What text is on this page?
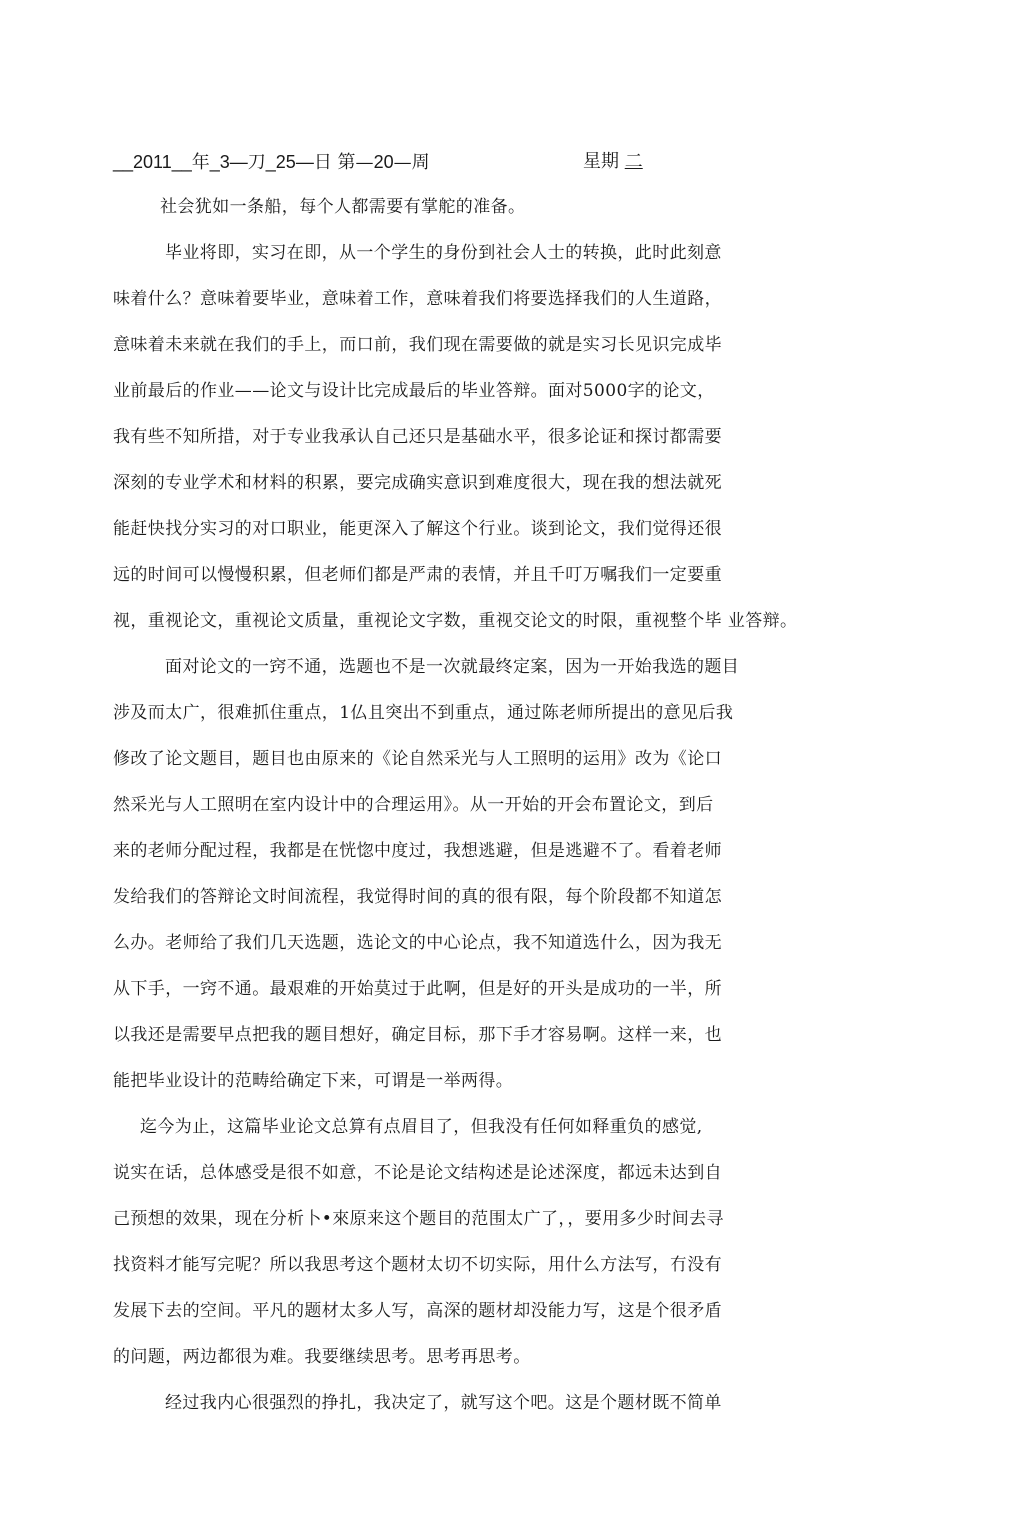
__2011__年_3—刀_25—日 第—20—周	星期 二
社会犹如一条船，每个人都需要有掌舵的准备。
毕业将即，实习在即，从一个学生的身份到社会人士的转换，此时此刻意
味着什么？意味着要毕业，意味着工作，意味着我们将要选择我们的人生道路，
意味着未来就在我们的手上，而口前，我们现在需要做的就是实习长见识完成毕
业前最后的作业——论文与设计比完成最后的毕业答辩。面对5000字的论文，
我有些不知所措，对于专业我承认自己还只是基础水平，很多论证和探讨都需要
深刻的专业学术和材料的积累，要完成确实意识到难度很大，现在我的想法就死
能赶快找分实习的对口职业，能更深入了解这个行业。谈到论文，我们觉得还很
远的时间可以慢慢积累，但老师们都是严肃的表情，并且千叮万嘱我们一定要重
视，重视论文，重视论文质量，重视论文字数，重视交论文的时限，重视整个毕 业答辩。
面对论文的一窍不通，选题也不是一次就最终定案，因为一开始我选的题目
涉及而太广，很难抓住重点，1仏且突出不到重点，通过陈老师所提出的意见后我
修改了论文题目，题目也由原来的《论自然采光与人工照明的运用》改为《论口
然采光与人工照明在室内设计中的合理运用》。从一开始的开会布置论文，到后
来的老师分配过程，我都是在恍惚中度过，我想逃避，但是逃避不了。看着老师
发给我们的答辩论文时间流程，我觉得时间的真的很有限，每个阶段都不知道怎
么办。老师给了我们几天选题，选论文的中心论点，我不知道选什么，因为我无
从下手，一窍不通。最艰难的开始莫过于此啊，但是好的开头是成功的一半，所
以我还是需要早点把我的题目想好，确定目标，那下手才容易啊。这样一来，也
能把毕业设计的范畴给确定下来，可谓是一举两得。
迄今为止，这篇毕业论文总算有点眉目了，但我没有任何如释重负的感觉,
说实在话，总体感受是很不如意，不论是论文结构述是论述深度，都远未达到自
己预想的效果，现在分析卜•來原来这个题目的范围太广了，，要用多少时间去寻
找资料才能写完呢？所以我思考这个题材太切不切实际，用什么方法写，冇没有
发展下去的空间。平凡的题材太多人写，高深的题材却没能力写，这是个很矛盾
的问题，两边都很为难。我要继续思考。思考再思考。
经过我内心很强烈的挣扎，我决定了，就写这个吧。这是个题材既不简单
